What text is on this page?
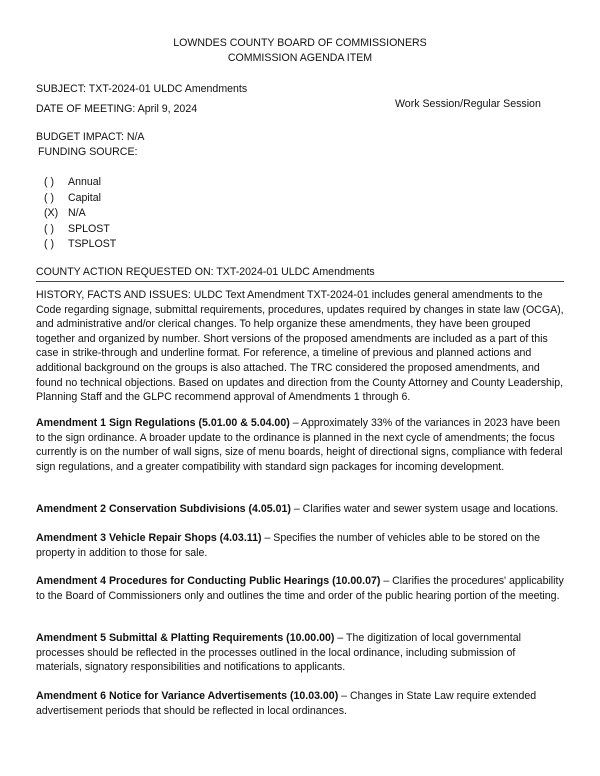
LOWNDES COUNTY BOARD OF COMMISSIONERS
COMMISSION AGENDA ITEM
SUBJECT: TXT-2024-01 ULDC Amendments
DATE OF MEETING: April 9, 2024	Work Session/Regular Session
BUDGET IMPACT: N/A
FUNDING SOURCE:
( ) Annual
( ) Capital
(X) N/A
( ) SPLOST
( ) TSPLOST
COUNTY ACTION REQUESTED ON: TXT-2024-01 ULDC Amendments
HISTORY, FACTS AND ISSUES: ULDC Text Amendment TXT-2024-01 includes general amendments to the Code regarding signage, submittal requirements, procedures, updates required by changes in state law (OCGA), and administrative and/or clerical changes. To help organize these amendments, they have been grouped together and organized by number. Short versions of the proposed amendments are included as a part of this case in strike-through and underline format. For reference, a timeline of previous and planned actions and additional background on the groups is also attached. The TRC considered the proposed amendments, and found no technical objections. Based on updates and direction from the County Attorney and County Leadership, Planning Staff and the GLPC recommend approval of Amendments 1 through 6.
Amendment 1 Sign Regulations (5.01.00 & 5.04.00) – Approximately 33% of the variances in 2023 have been to the sign ordinance. A broader update to the ordinance is planned in the next cycle of amendments; the focus currently is on the number of wall signs, size of menu boards, height of directional signs, compliance with federal sign regulations, and a greater compatibility with standard sign packages for incoming development.
Amendment 2 Conservation Subdivisions (4.05.01) – Clarifies water and sewer system usage and locations.
Amendment 3 Vehicle Repair Shops (4.03.11) – Specifies the number of vehicles able to be stored on the property in addition to those for sale.
Amendment 4 Procedures for Conducting Public Hearings (10.00.07) – Clarifies the procedures' applicability to the Board of Commissioners only and outlines the time and order of the public hearing portion of the meeting.
Amendment 5 Submittal & Platting Requirements (10.00.00) – The digitization of local governmental processes should be reflected in the processes outlined in the local ordinance, including submission of materials, signatory responsibilities and notifications to applicants.
Amendment 6 Notice for Variance Advertisements (10.03.00) – Changes in State Law require extended advertisement periods that should be reflected in local ordinances.
